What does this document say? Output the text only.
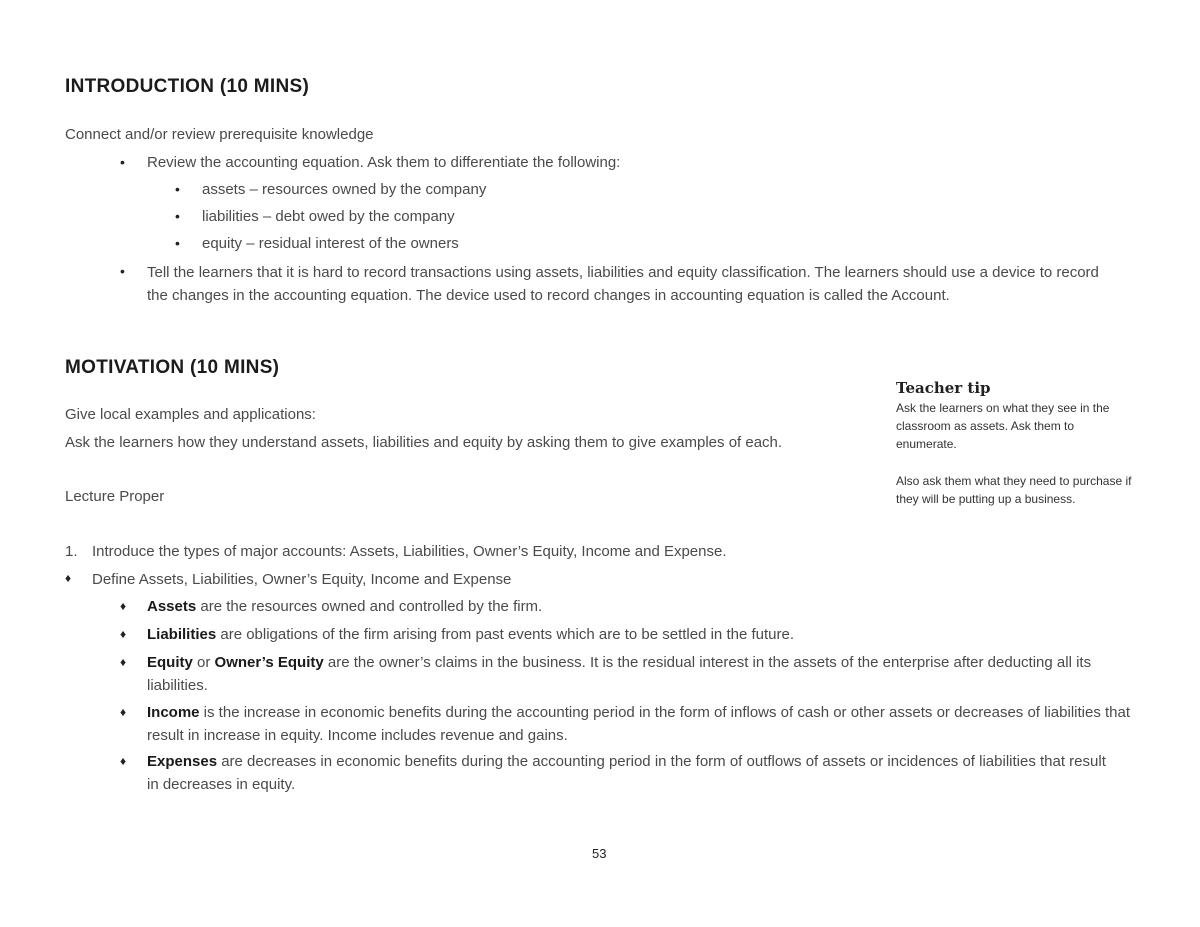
INTRODUCTION (10 MINS)
Connect and/or review prerequisite knowledge
• Review the accounting equation. Ask them to differentiate the following:
• assets – resources owned by the company
• liabilities – debt owed by the company
• equity – residual interest of the owners
• Tell the learners that it is hard to record transactions using assets, liabilities and equity classification. The learners should use a device to record the changes in the accounting equation. The device used to record changes in accounting equation is called the Account.
MOTIVATION (10 MINS)
Give local examples and applications:
Ask the learners how they understand assets, liabilities and equity by asking them to give examples of each.
Teacher tip
Ask the learners on what they see in the classroom as assets. Ask them to enumerate.
Also ask them what they need to purchase if they will be putting up a business.
Lecture Proper
1. Introduce the types of major accounts: Assets, Liabilities, Owner’s Equity, Income and Expense.
♦ Define Assets, Liabilities, Owner’s Equity, Income and Expense
♦ Assets are the resources owned and controlled by the firm.
♦ Liabilities are obligations of the firm arising from past events which are to be settled in the future.
♦ Equity or Owner’s Equity are the owner’s claims in the business. It is the residual interest in the assets of the enterprise after deducting all its liabilities.
♦ Income is the increase in economic benefits during the accounting period in the form of inflows of cash or other assets or decreases of liabilities that result in increase in equity. Income includes revenue and gains.
♦ Expenses are decreases in economic benefits during the accounting period in the form of outflows of assets or incidences of liabilities that result in decreases in equity.
53
